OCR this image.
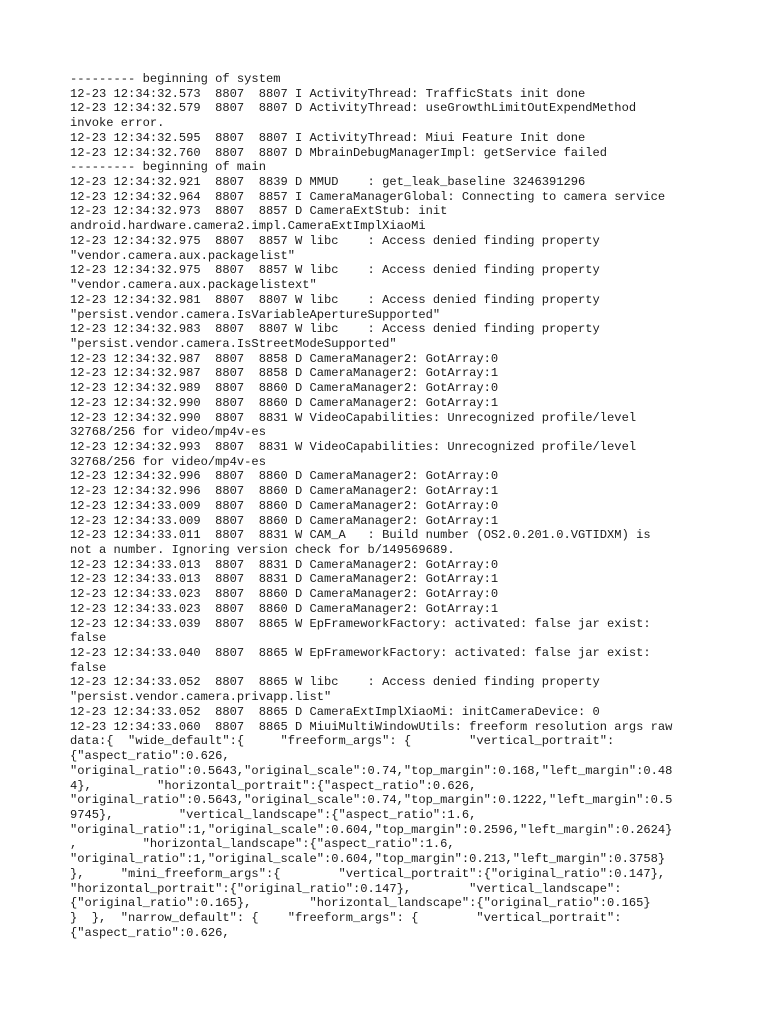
--------- beginning of system
12-23 12:34:32.573  8807  8807 I ActivityThread: TrafficStats init done
12-23 12:34:32.579  8807  8807 D ActivityThread: useGrowthLimitOutExpendMethod
invoke error.
12-23 12:34:32.595  8807  8807 I ActivityThread: Miui Feature Init done
12-23 12:34:32.760  8807  8807 D MbrainDebugManagerImpl: getService failed
--------- beginning of main
12-23 12:34:32.921  8807  8839 D MMUD    : get_leak_baseline 3246391296
12-23 12:34:32.964  8807  8857 I CameraManagerGlobal: Connecting to camera service
12-23 12:34:32.973  8807  8857 D CameraExtStub: init
android.hardware.camera2.impl.CameraExtImplXiaoMi
12-23 12:34:32.975  8807  8857 W libc    : Access denied finding property
"vendor.camera.aux.packagelist"
12-23 12:34:32.975  8807  8857 W libc    : Access denied finding property
"vendor.camera.aux.packagelistext"
12-23 12:34:32.981  8807  8807 W libc    : Access denied finding property
"persist.vendor.camera.IsVariableApertureSupported"
12-23 12:34:32.983  8807  8807 W libc    : Access denied finding property
"persist.vendor.camera.IsStreetModeSupported"
12-23 12:34:32.987  8807  8858 D CameraManager2: GotArray:0
12-23 12:34:32.987  8807  8858 D CameraManager2: GotArray:1
12-23 12:34:32.989  8807  8860 D CameraManager2: GotArray:0
12-23 12:34:32.990  8807  8860 D CameraManager2: GotArray:1
12-23 12:34:32.990  8807  8831 W VideoCapabilities: Unrecognized profile/level
32768/256 for video/mp4v-es
12-23 12:34:32.993  8807  8831 W VideoCapabilities: Unrecognized profile/level
32768/256 for video/mp4v-es
12-23 12:34:32.996  8807  8860 D CameraManager2: GotArray:0
12-23 12:34:32.996  8807  8860 D CameraManager2: GotArray:1
12-23 12:34:33.009  8807  8860 D CameraManager2: GotArray:0
12-23 12:34:33.009  8807  8860 D CameraManager2: GotArray:1
12-23 12:34:33.011  8807  8831 W CAM_A   : Build number (OS2.0.201.0.VGTIDXM) is
not a number. Ignoring version check for b/149569689.
12-23 12:34:33.013  8807  8831 D CameraManager2: GotArray:0
12-23 12:34:33.013  8807  8831 D CameraManager2: GotArray:1
12-23 12:34:33.023  8807  8860 D CameraManager2: GotArray:0
12-23 12:34:33.023  8807  8860 D CameraManager2: GotArray:1
12-23 12:34:33.039  8807  8865 W EpFrameworkFactory: activated: false jar exist:
false
12-23 12:34:33.040  8807  8865 W EpFrameworkFactory: activated: false jar exist:
false
12-23 12:34:33.052  8807  8865 W libc    : Access denied finding property
"persist.vendor.camera.privapp.list"
12-23 12:34:33.052  8807  8865 D CameraExtImplXiaoMi: initCameraDevice: 0
12-23 12:34:33.060  8807  8865 D MiuiMultiWindowUtils: freeform resolution args raw
data:{  "wide_default":{     "freeform_args": {        "vertical_portrait":
{"aspect_ratio":0.626,
"original_ratio":0.5643,"original_scale":0.74,"top_margin":0.168,"left_margin":0.48
4},         "horizontal_portrait":{"aspect_ratio":0.626,
"original_ratio":0.5643,"original_scale":0.74,"top_margin":0.1222,"left_margin":0.5
9745},         "vertical_landscape":{"aspect_ratio":1.6,
"original_ratio":1,"original_scale":0.604,"top_margin":0.2596,"left_margin":0.2624}
,         "horizontal_landscape":{"aspect_ratio":1.6,
"original_ratio":1,"original_scale":0.604,"top_margin":0.213,"left_margin":0.3758}
},     "mini_freeform_args":{        "vertical_portrait":{"original_ratio":0.147},
"horizontal_portrait":{"original_ratio":0.147},        "vertical_landscape":
{"original_ratio":0.165},        "horizontal_landscape":{"original_ratio":0.165}
}  },  "narrow_default": {    "freeform_args": {        "vertical_portrait":
{"aspect_ratio":0.626,
